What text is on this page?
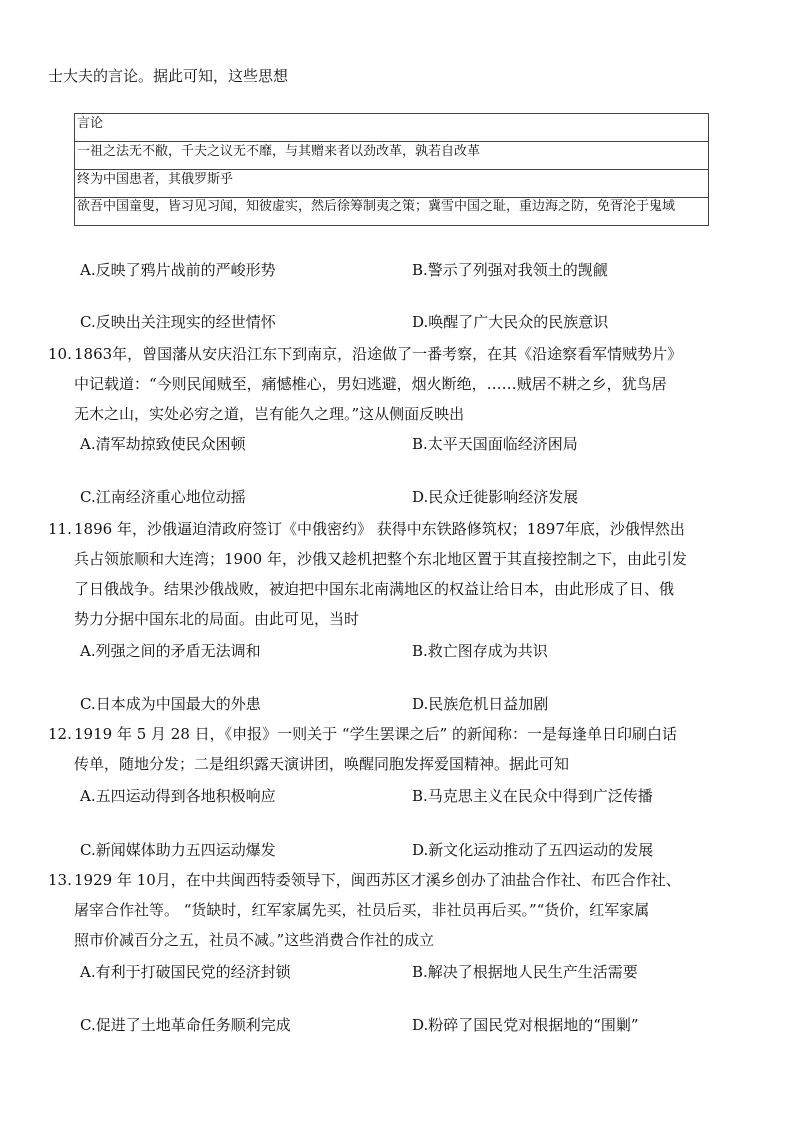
士大夫的言论。据此可知，这些思想
言论
一祖之法无不敝，千夫之议无不靡，与其赠来者以劲改革，孰若自改革
终为中国患者，其俄罗斯乎
欲吾中国童叟，皆习见习闻，知彼虚实，然后徐筹制夷之策；冀雪中国之耻，重边海之防，免胥沦于鬼域
A.反映了鸦片战前的严峻形势	B.警示了列强对我领土的觊觎
C.反映出关注现实的经世情怀	D.唤醒了广大民众的民族意识
10. 1863年，曾国藩从安庆沿江东下到南京，沿途做了一番考察，在其《沿途察看军情贼势片》
中记载道：“今则民闻贼至，痛憾椎心，男妇逃避，烟火断绝，……贼居不耕之乡，犹鸟居
无木之山，实处必穷之道，岂有能久之理。”这从侧面反映出
A.清军劫掠致使民众困顿	B.太平天国面临经济困局
C.江南经济重心地位动摇	D.民众迁徙影响经济发展
11. 1896 年，沙俄逼迫清政府签订《中俄密约》 获得中东铁路修筑权；1897年底，沙俄悍然出
兵占领旅顺和大连湾；1900 年，沙俄又趁机把整个东北地区置于其直接控制之下，由此引发
了日俄战争。结果沙俄战败，被迫把中国东北南满地区的权益让给日本，由此形成了日、俄
势力分据中国东北的局面。由此可见，当时
A.列强之间的矛盾无法调和	B.救亡图存成为共识
C.日本成为中国最大的外患	D.民族危机日益加剧
12. 1919 年 5 月 28 日，《申报》一则关于 “学生罢课之后” 的新闻称：一是每逢单日印刷白话
传单，随地分发；二是组织露天演讲团，唤醒同胞发挥爱国精神。据此可知
A.五四运动得到各地积极响应	B.马克思主义在民众中得到广泛传播
C.新闻媒体助力五四运动爆发	D.新文化运动推动了五四运动的发展
13. 1929 年 10月，在中共闽西特委领导下，闽西苏区才溪乡创办了油盐合作社、布匹合作社、
屠宰合作社等。 “货缺时，红军家属先买，社员后买，非社员再后买。”“货价，红军家属
照市价减百分之五，社员不减。”这些消费合作社的成立
A.有利于打破国民党的经济封锁	B.解决了根据地人民生产生活需要
C.促进了土地革命任务顺利完成	D.粉碎了国民党对根据地的“围剿”
